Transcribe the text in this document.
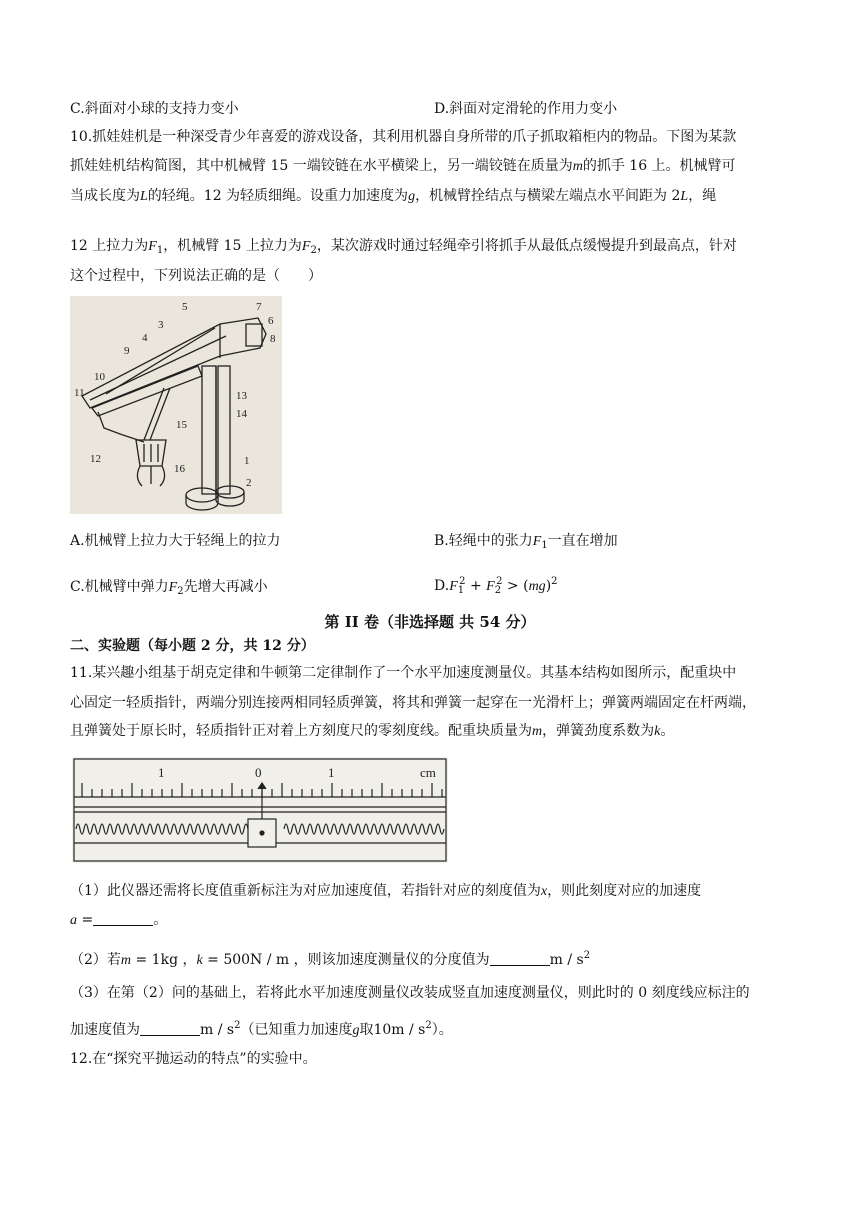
C.斜面对小球的支持力变小	D.斜面对定滑轮的作用力变小
10.抓娃娃机是一种深受青少年喜爱的游戏设备，其利用机器自身所带的爪子抓取箱柜内的物品。下图为某款
抓娃娃机结构简图，其中机械臂 15 一端铰链在水平横梁上，另一端铰链在质量为m的抓手 16 上。机械臂可
当成长度为L的轻绳。12 为轻质细绳。设重力加速度为g，机械臂拴结点与横梁左端点水平间距为 2L，绳
12 上拉力为$F_1$，机械臂 15 上拉力为$F_2$，某次游戏时通过轻绳牵引将抓手从最低点缓慢提升到最高点，针对
这个过程中，下列说法正确的是（　　）
5	7
6
3
4	8
9
10
11	13
14
15
12
16
1
2
A.机械臂上拉力大于轻绳上的拉力	B.轻绳中的张力$F_1$一直在增加
C.机械臂中弹力$F_2$先增大再减小	$D.F_1^2 + F_2^2 > (mg)^2$
第 II 卷（非选择题 共 54 分）
二、实验题（每小题 2 分，共 12 分）
11.某兴趣小组基于胡克定律和牛顿第二定律制作了一个水平加速度测量仪。其基本结构如图所示，配重块中
心固定一轻质指针，两端分别连接两相同轻质弹簧，将其和弹簧一起穿在一光滑杆上；弹簧两端固定在杆两端，
且弹簧处于原长时，轻质指针正对着上方刻度尺的零刻度线。配重块质量为m，弹簧劲度系数为k。
1	0	1	cm
（1）此仪器还需将长度值重新标注为对应加速度值，若指针对应的刻度值为x，则此刻度对应的加速度
a =	。
（2）若m = 1kg ，k = 500N / m ，则该加速度测量仪的分度值为	m / $s^2$
（3）在第（2）问的基础上，若将此水平加速度测量仪改装成竖直加速度测量仪，则此时的 0 刻度线应标注的
加速度值为	m / $s^2$（已知重力加速度g取$10m / s^2$）。
12.在“探究平抛运动的特点”的实验中。
